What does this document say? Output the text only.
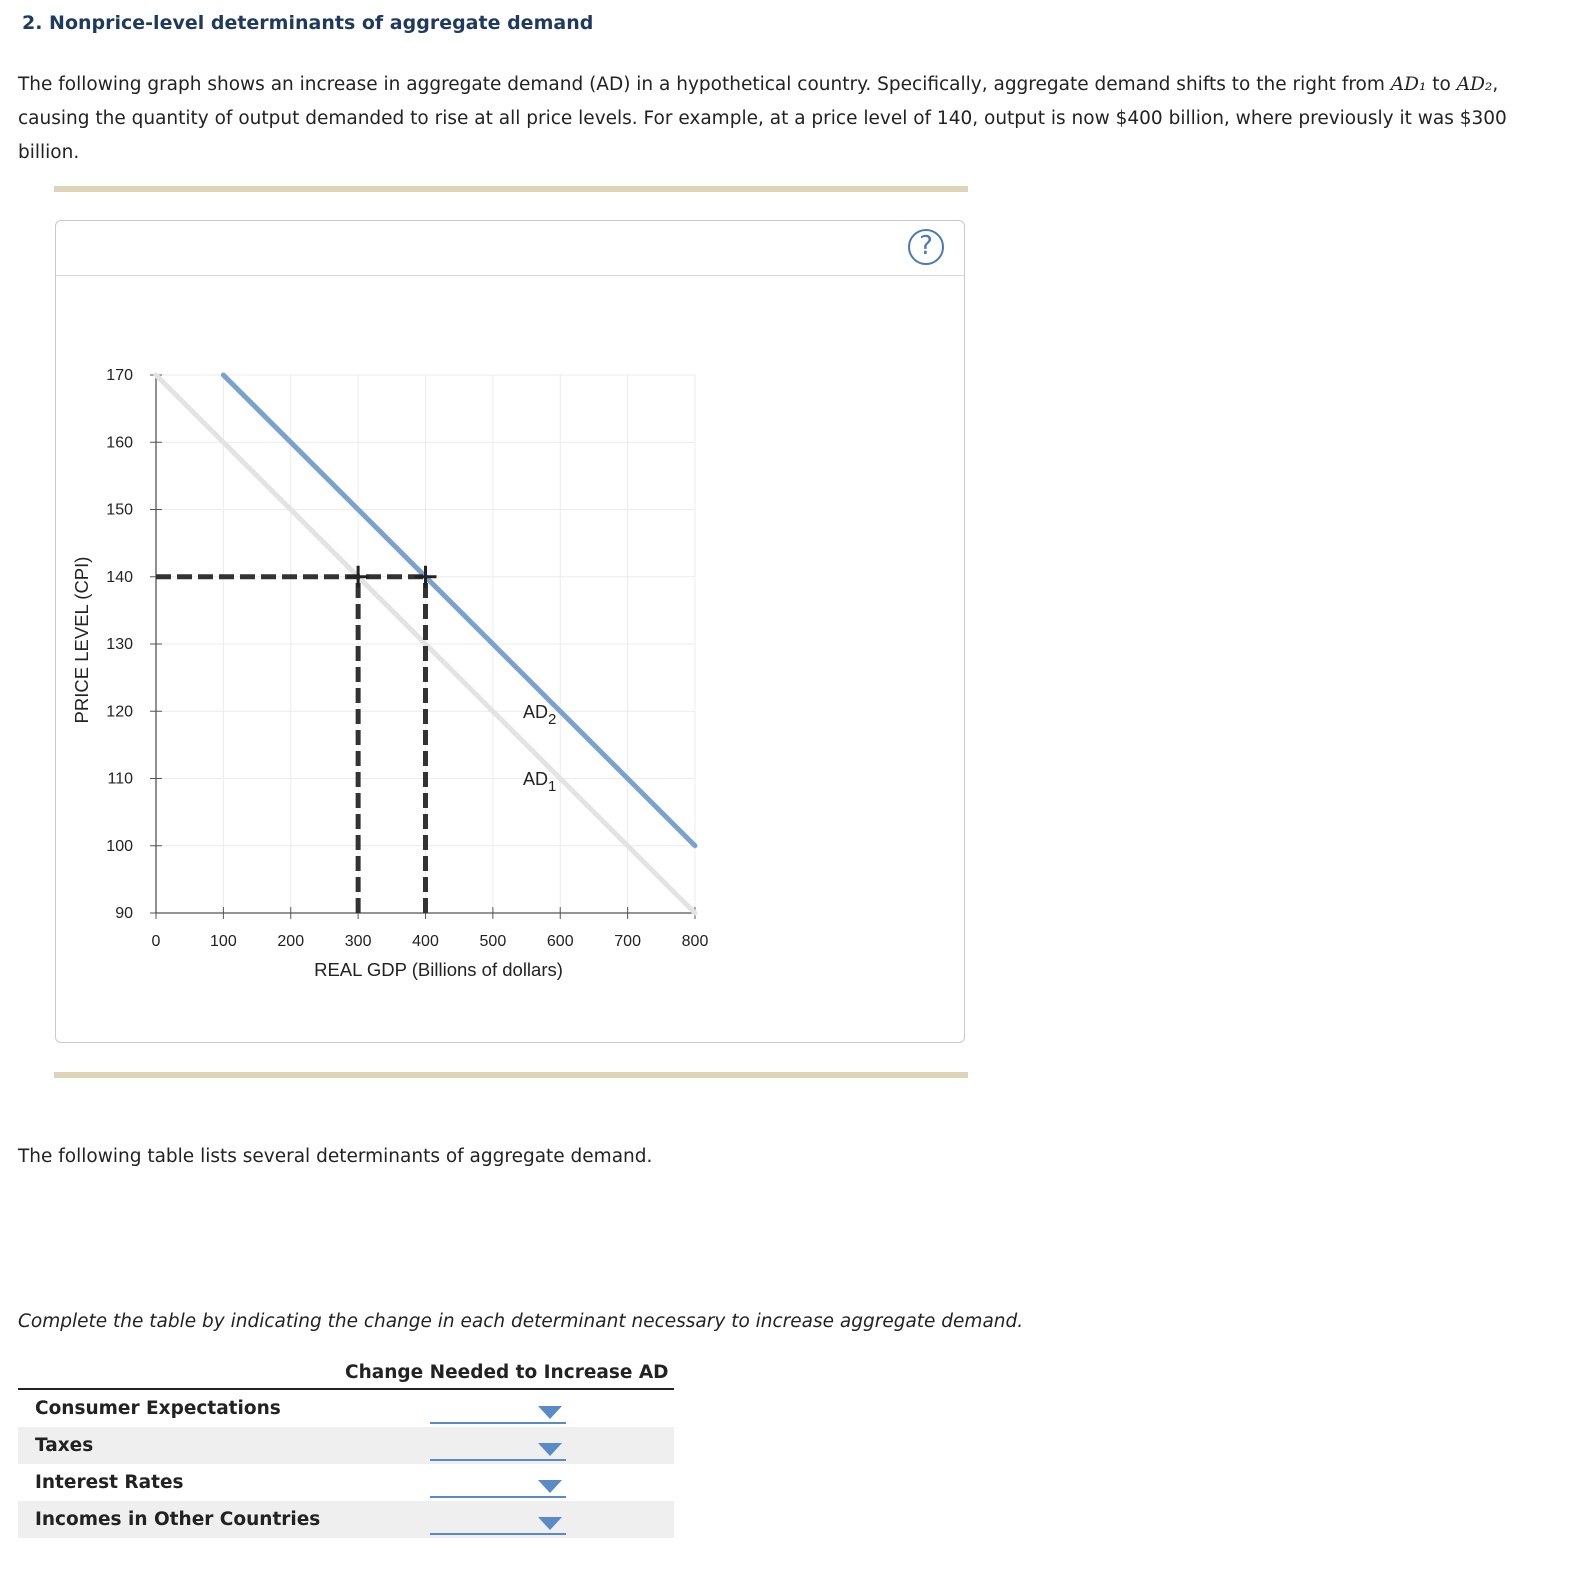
2. Nonprice-level determinants of aggregate demand

The following graph shows an increase in aggregate demand (AD) in a hypothetical country. Specifically, aggregate demand shifts to the right from AD₁ to AD₂, causing the quantity of output demanded to rise at all price levels. For example, at a price level of 140, output is now $400 billion, where previously it was $300 billion.

?
90
100
110
120
130
140
150
160
170
0	100	200	300	400	500	600	700	800
REAL GDP (Billions of dollars)
PRICE LEVEL (CPI)
$AD_1$
$AD_2$

The following table lists several determinants of aggregate demand.

Complete the table by indicating the change in each determinant necessary to increase aggregate demand.

Change Needed to Increase AD
Consumer Expectations
Taxes
Interest Rates
Incomes in Other Countries
